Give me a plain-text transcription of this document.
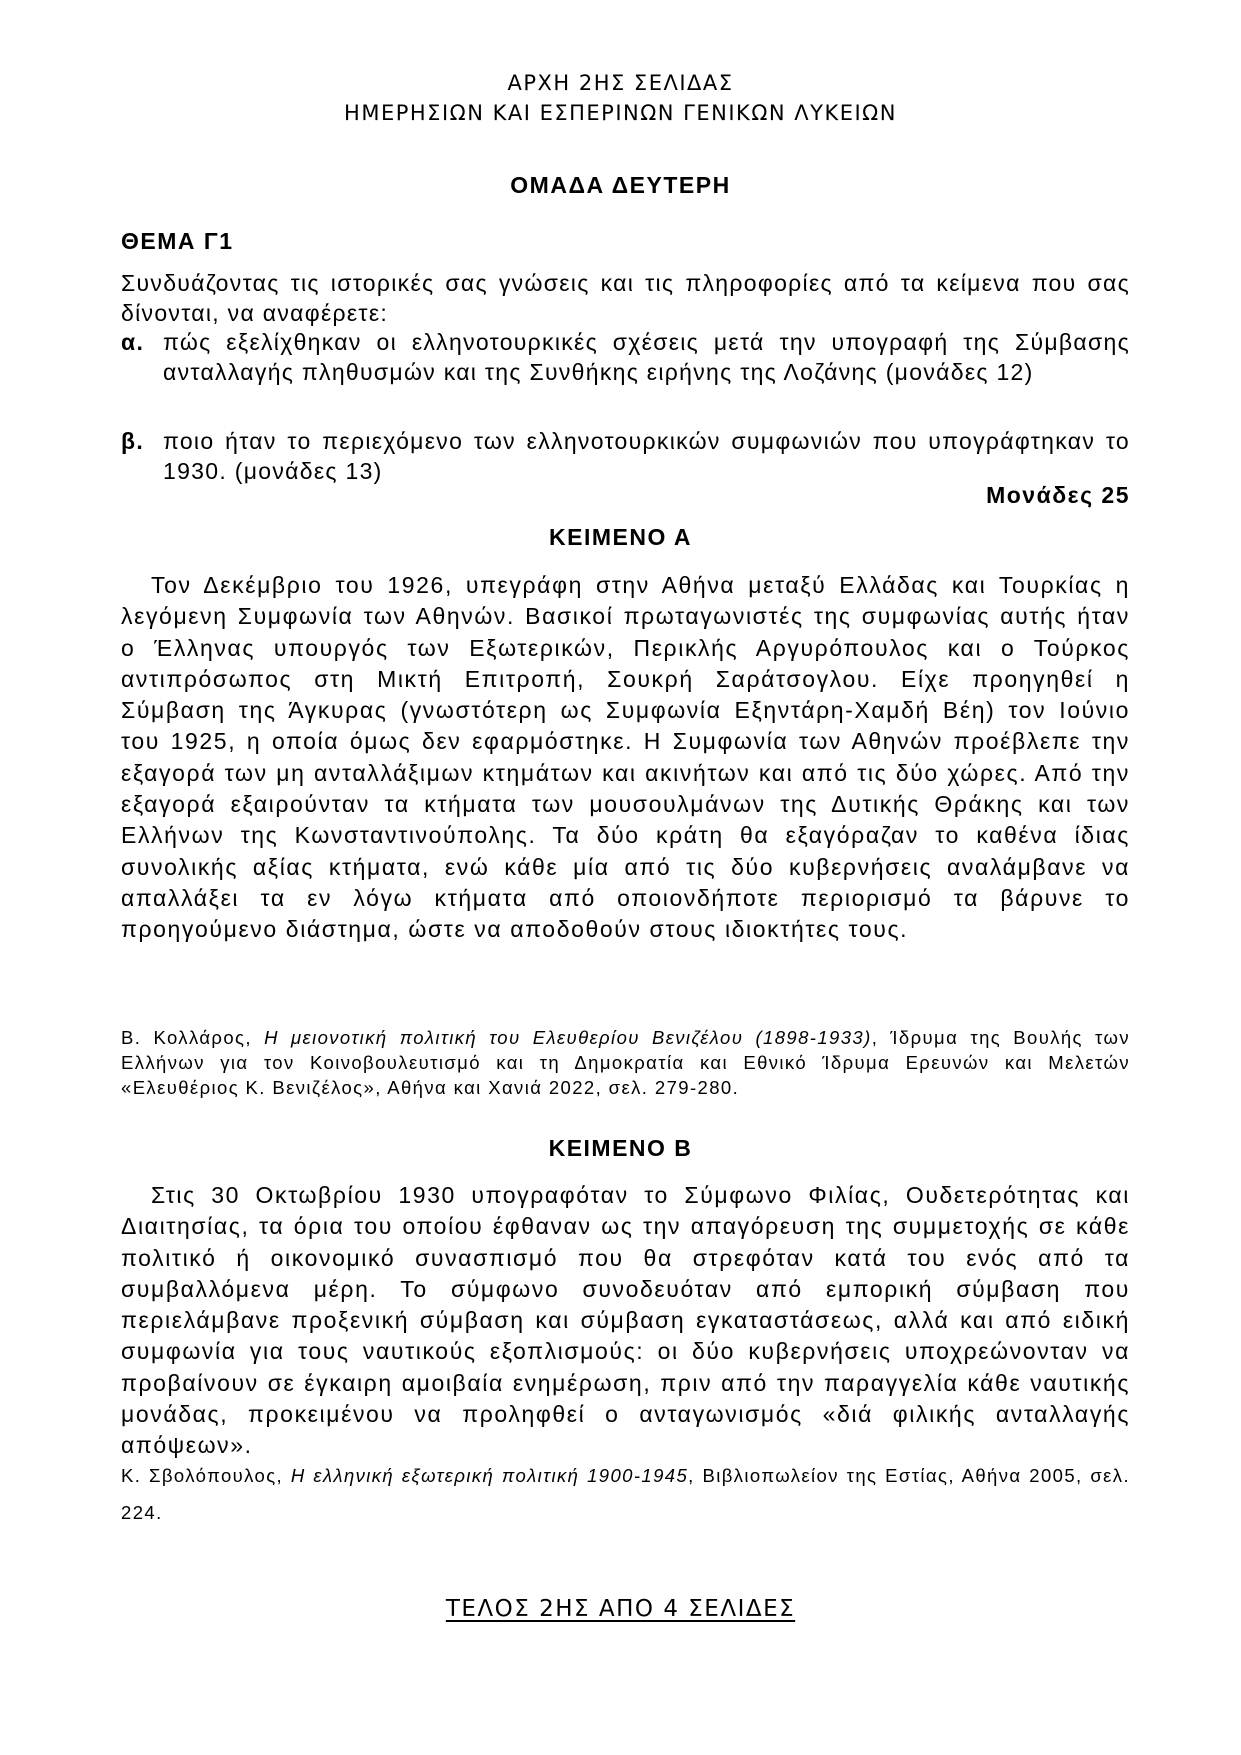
ΑΡΧΗ 2ΗΣ ΣΕΛΙΔΑΣ
ΗΜΕΡΗΣΙΩΝ ΚΑΙ ΕΣΠΕΡΙΝΩΝ ΓΕΝΙΚΩΝ ΛΥΚΕΙΩΝ
ΟΜΑΔΑ ΔΕΥΤΕΡΗ
ΘΕΜΑ Γ1
Συνδυάζοντας τις ιστορικές σας γνώσεις και τις πληροφορίες από τα κείμενα που σας δίνονται, να αναφέρετε:
α. πώς εξελίχθηκαν οι ελληνοτουρκικές σχέσεις μετά την υπογραφή της Σύμβασης ανταλλαγής πληθυσμών και της Συνθήκης ειρήνης της Λοζάνης (μονάδες 12)
β. ποιο ήταν το περιεχόμενο των ελληνοτουρκικών συμφωνιών που υπογράφτηκαν το 1930. (μονάδες 13)
Μονάδες 25
ΚΕΙΜΕΝΟ Α
Τον Δεκέμβριο του 1926, υπεγράφη στην Αθήνα μεταξύ Ελλάδας και Τουρκίας η λεγόμενη Συμφωνία των Αθηνών. Βασικοί πρωταγωνιστές της συμφωνίας αυτής ήταν ο Έλληνας υπουργός των Εξωτερικών, Περικλής Αργυρόπουλος και ο Τούρκος αντιπρόσωπος στη Μικτή Επιτροπή, Σουκρή Σαράτσογλου. Είχε προηγηθεί η Σύμβαση της Άγκυρας (γνωστότερη ως Συμφωνία Εξηντάρη-Χαμδή Βέη) τον Ιούνιο του 1925, η οποία όμως δεν εφαρμόστηκε. Η Συμφωνία των Αθηνών προέβλεπε την εξαγορά των μη ανταλλάξιμων κτημάτων και ακινήτων και από τις δύο χώρες. Από την εξαγορά εξαιρούνταν τα κτήματα των μουσουλμάνων της Δυτικής Θράκης και των Ελλήνων της Κωνσταντινούπολης. Τα δύο κράτη θα εξαγόραζαν το καθένα ίδιας συνολικής αξίας κτήματα, ενώ κάθε μία από τις δύο κυβερνήσεις αναλάμβανε να απαλλάξει τα εν λόγω κτήματα από οποιονδήποτε περιορισμό τα βάρυνε το προηγούμενο διάστημα, ώστε να αποδοθούν στους ιδιοκτήτες τους.
Β. Κολλάρος, Η μειονοτική πολιτική του Ελευθερίου Βενιζέλου (1898-1933), Ίδρυμα της Βουλής των Ελλήνων για τον Κοινοβουλευτισμό και τη Δημοκρατία και Εθνικό Ίδρυμα Ερευνών και Μελετών «Ελευθέριος Κ. Βενιζέλος», Αθήνα και Χανιά 2022, σελ. 279-280.
ΚΕΙΜΕΝΟ Β
Στις 30 Οκτωβρίου 1930 υπογραφόταν το Σύμφωνο Φιλίας, Ουδετερότητας και Διαιτησίας, τα όρια του οποίου έφθαναν ως την απαγόρευση της συμμετοχής σε κάθε πολιτικό ή οικονομικό συνασπισμό που θα στρεφόταν κατά του ενός από τα συμβαλλόμενα μέρη. Το σύμφωνο συνοδευόταν από εμπορική σύμβαση που περιελάμβανε προξενική σύμβαση και σύμβαση εγκαταστάσεως, αλλά και από ειδική συμφωνία για τους ναυτικούς εξοπλισμούς: οι δύο κυβερνήσεις υποχρεώνονταν να προβαίνουν σε έγκαιρη αμοιβαία ενημέρωση, πριν από την παραγγελία κάθε ναυτικής μονάδας, προκειμένου να προληφθεί ο ανταγωνισμός «διά φιλικής ανταλλαγής απόψεων».
Κ. Σβολόπουλος, Η ελληνική εξωτερική πολιτική 1900-1945, Βιβλιοπωλείον της Εστίας, Αθήνα 2005, σελ. 224.
ΤΕΛΟΣ 2ΗΣ ΑΠΟ 4 ΣΕΛΙΔΕΣ
